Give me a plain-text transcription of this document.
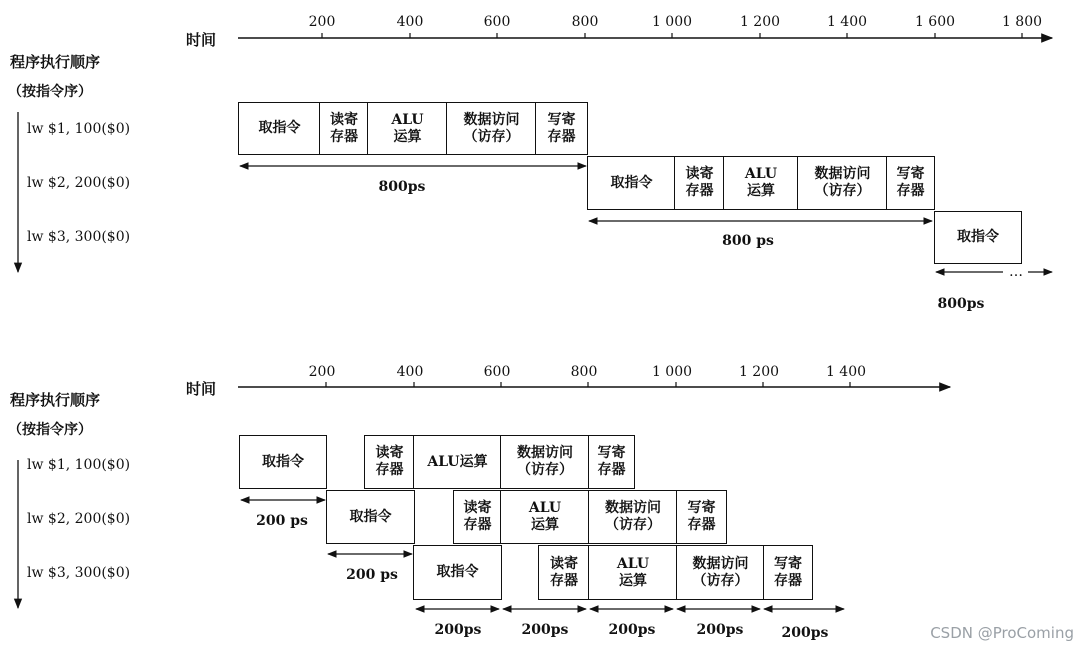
时间
200	400	600	800	1 000	1 200	1 400	1 600	1 800
程序执行顺序
（按指令序）
lw $1, 100($0)
lw $2, 200($0)
lw $3, 300($0)
取指令
读寄
存器
ALU
运算
数据访问
（访存）
写寄
存器
取指令
读寄
存器
ALU
运算
数据访问
（访存）
写寄
存器
取指令
800ps
800 ps
800ps
…
时间
200	400	600	800	1 000	1 200	1 400
程序执行顺序
（按指令序）
lw $1, 100($0)
lw $2, 200($0)
lw $3, 300($0)
取指令
读寄
存器
ALU运算
数据访问
（访存）
写寄
存器
取指令
读寄
存器
ALU
运算
数据访问
（访存）
写寄
存器
取指令
读寄
存器
ALU
运算
数据访问
（访存）
写寄
存器
200 ps
200 ps
200ps	200ps	200ps	200ps	200ps	CSDN @ProComing
